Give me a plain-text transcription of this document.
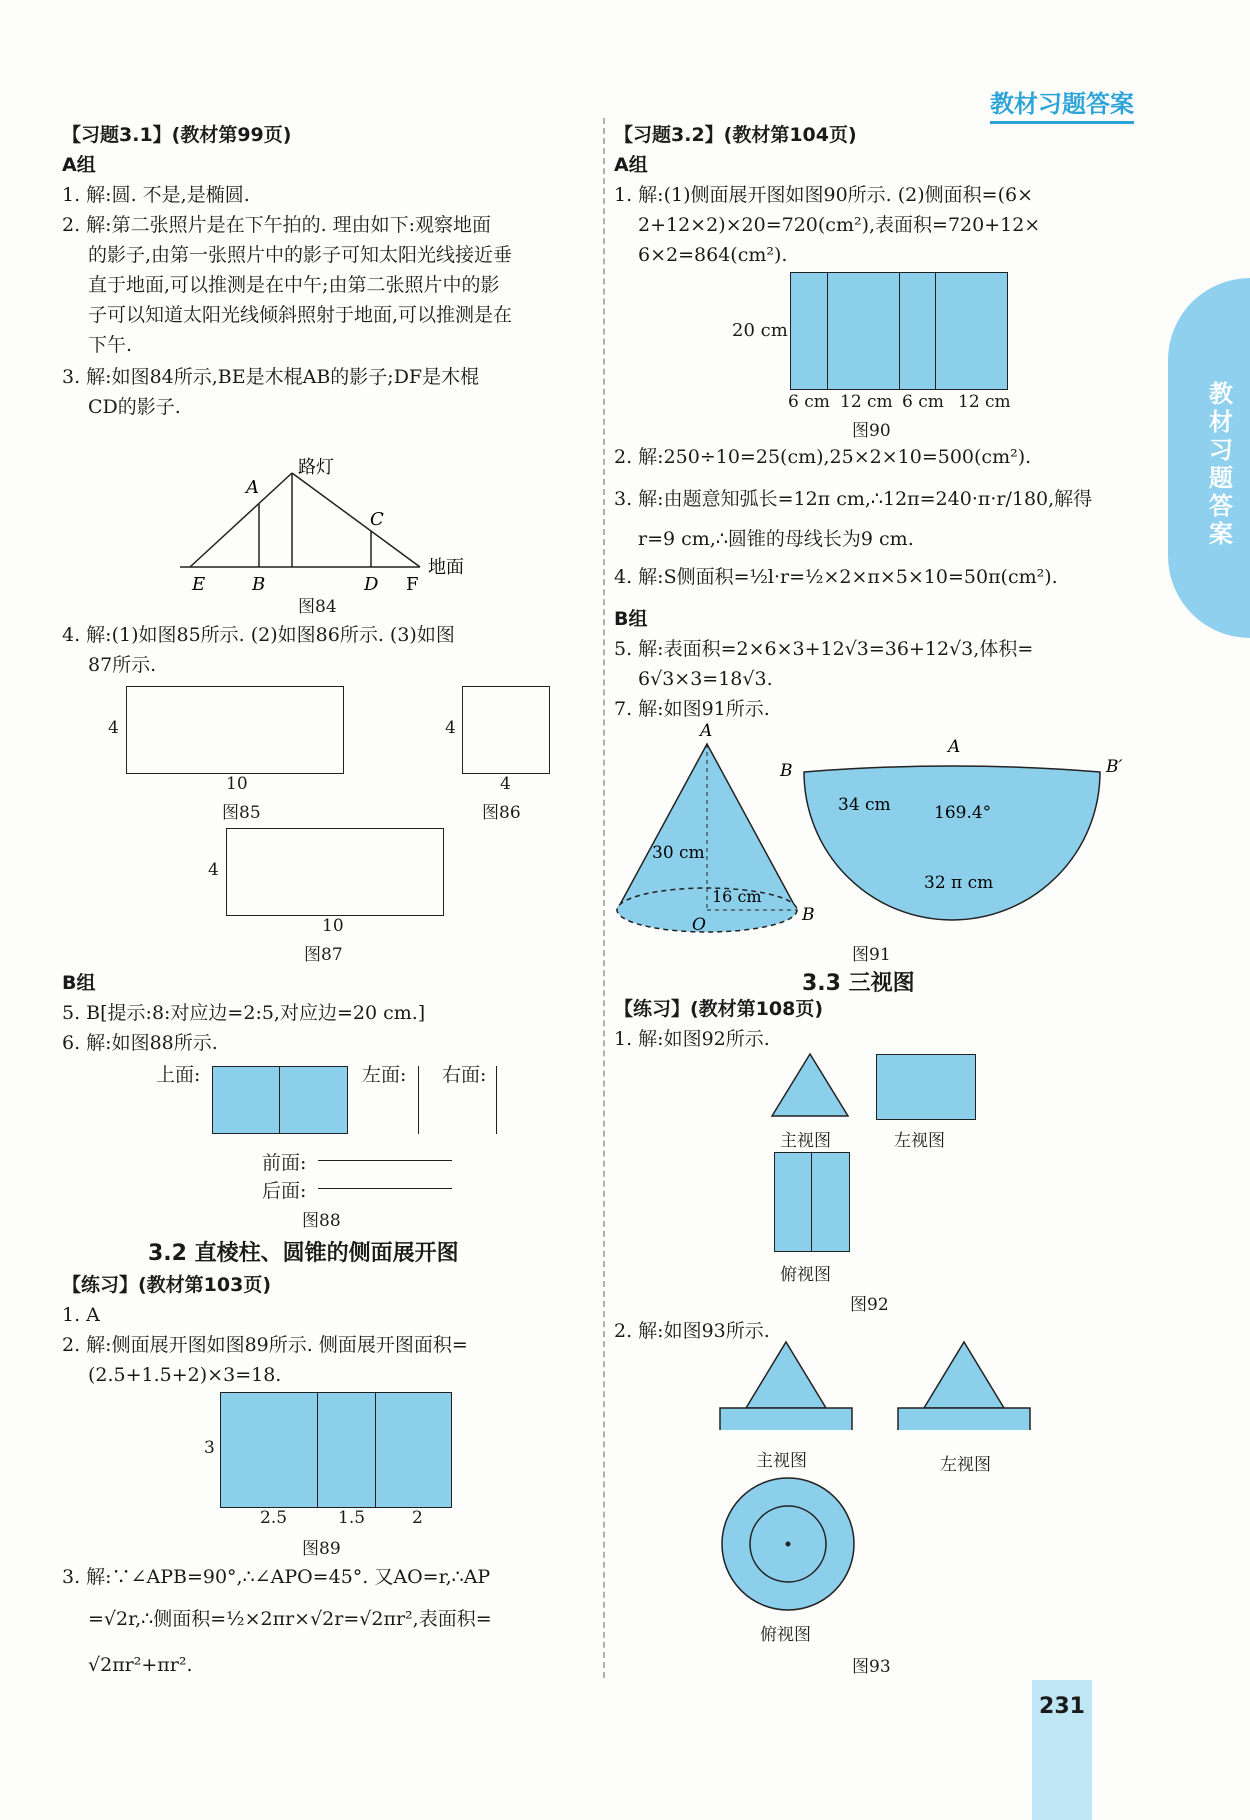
教材习题答案
教材习题答案
231
【习题3.1】(教材第99页)
A组
1. 解:圆. 不是,是椭圆.
2. 解:第二张照片是在下午拍的. 理由如下:观察地面
的影子,由第一张照片中的影子可知太阳光线接近垂
直于地面,可以推测是在中午;由第二张照片中的影
子可以知道太阳光线倾斜照射于地面,可以推测是在
下午.
3. 解:如图84所示,BE是木棍AB的影子;DF是木棍
CD的影子.
A
路灯
C
E	B	D F
地面
图84
4. 解:(1)如图85所示. (2)如图86所示. (3)如图
87所示.
4
10
图85
4
4
图86
4
10
图87
B组
5. B[提示:8:对应边=2:5,对应边=20 cm.]
6. 解:如图88所示.
上面:	左面: 右面:
前面:
后面:
图88
3.2 直棱柱、圆锥的侧面展开图
【练习】(教材第103页)
1. A
2. 解:侧面展开图如图89所示. 侧面展开图面积=
(2.5+1.5+2)×3=18.
3
2.5	1.5	2
图89
3. 解:∵∠APB=90°,∴∠APO=45°. 又AO=r,∴AP
=√2r,∴侧面积=½×2πr×√2r=√2πr²,表面积=
√2πr²+πr².
【习题3.2】(教材第104页)
A组
1. 解:(1)侧面展开图如图90所示. (2)侧面积=(6×
2+12×2)×20=720(cm²),表面积=720+12×
6×2=864(cm²).
20 cm
6 cm 12 cm 6 cm 12 cm
图90
2. 解:250÷10=25(cm),25×2×10=500(cm²).
3. 解:由题意知弧长=12π cm,∴12π=240·π·r/180,解得
r=9 cm,∴圆锥的母线长为9 cm.
4. 解:S侧面积=½l·r=½×2×π×5×10=50π(cm²).
B组
5. 解:表面积=2×6×3+12√3=36+12√3,体积=
6√3×3=18√3.
7. 解:如图91所示.
A
30 cm
16 cm
O	B
A
B	B′
34 cm	169.4°
32 π cm
图91
3.3 三视图
【练习】(教材第108页)
1. 解:如图92所示.
主视图	左视图
俯视图
图92
2. 解:如图93所示.
主视图	左视图
俯视图
图93
